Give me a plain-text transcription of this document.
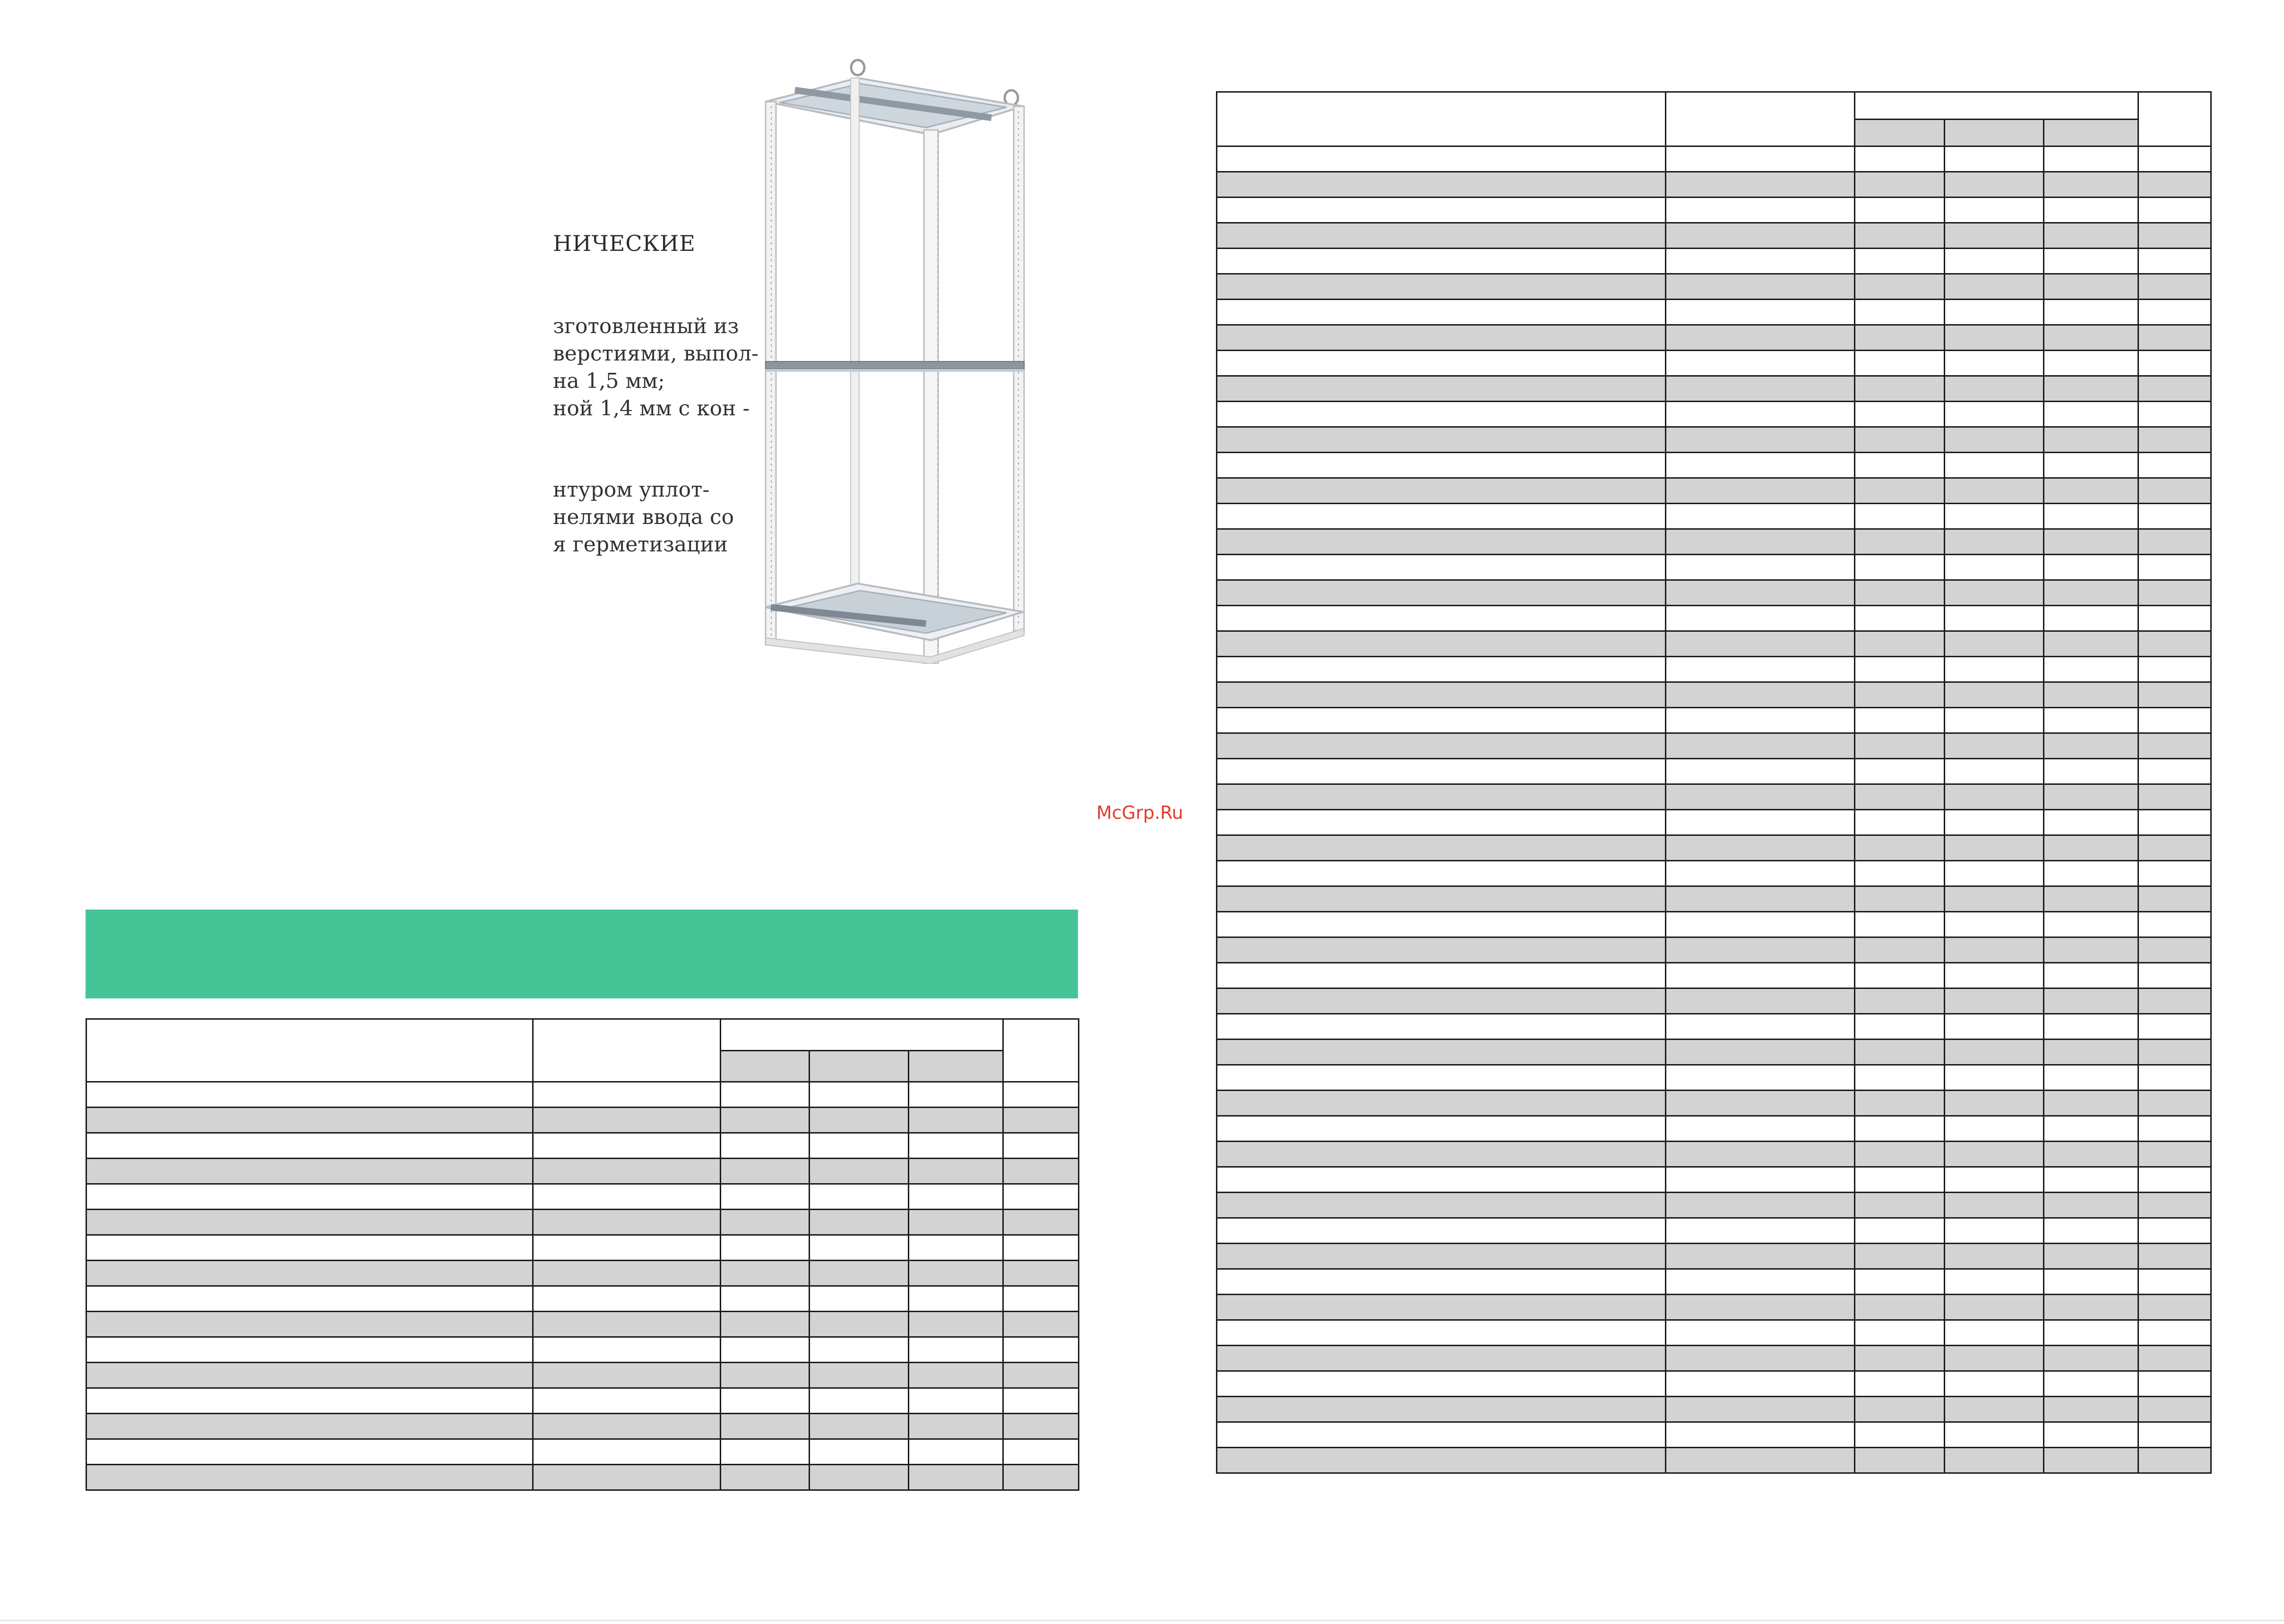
НИЧЕСКИЕ
зготовленный из
верстиями, выпол-
на 1,5 мм;
ной 1,4 мм с кон -
нтуром уплот-
нелями ввода со
я герметизации
McGrp.Ru
